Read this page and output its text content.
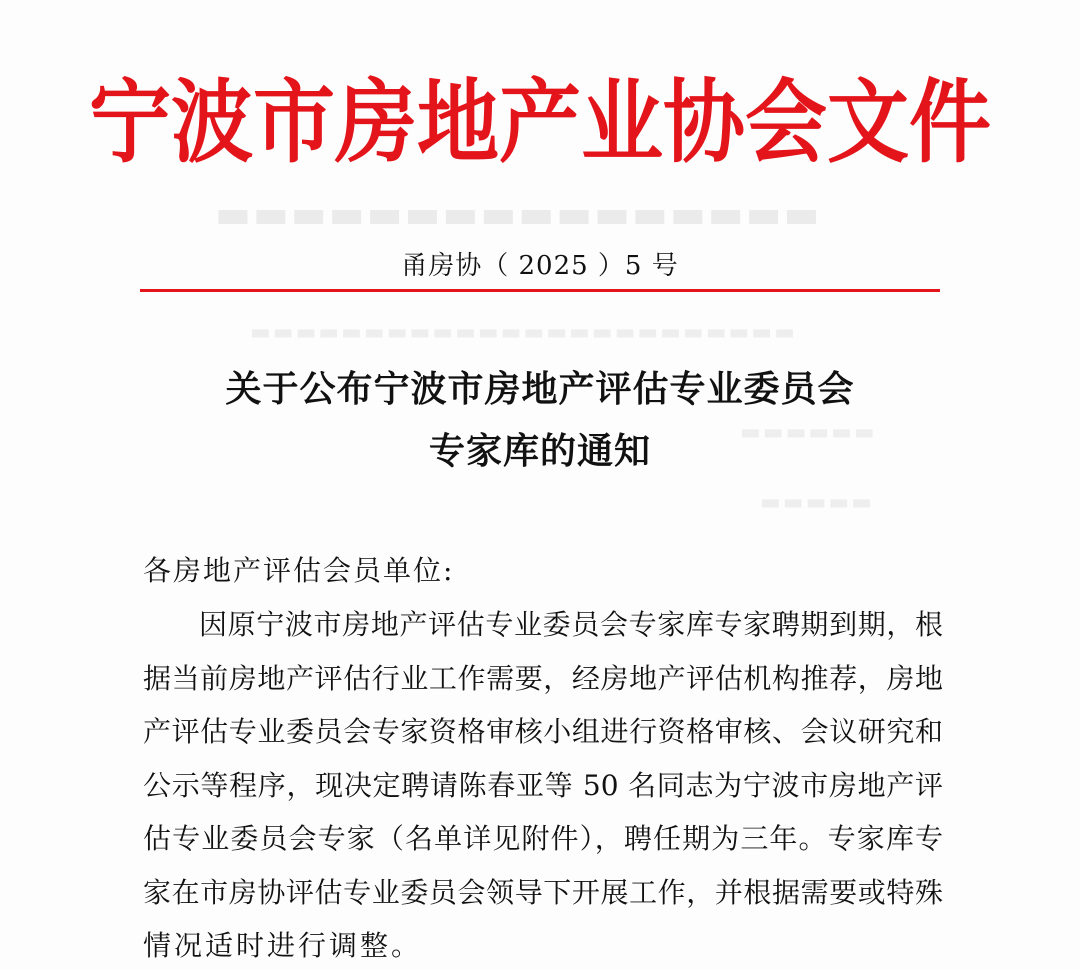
▬▬▬▬▬▬▬▬▬▬▬▬▬▬▬▬
▬▬▬▬▬▬▬▬▬▬▬▬▬▬▬▬▬▬▬▬▬▬▬▬
▬▬▬▬▬▬
▬▬▬▬▬
宁波市房地产业协会文件
甬房协（ 2025 ）5 号
关于公布宁波市房地产评估专业委员会
专家库的通知
各房地产评估会员单位:
因原宁波市房地产评估专业委员会专家库专家聘期到期，根
据当前房地产评估行业工作需要，经房地产评估机构推荐，房地
产评估专业委员会专家资格审核小组进行资格审核、会议研究和
公示等程序，现决定聘请陈春亚等 50 名同志为宁波市房地产评
估专业委员会专家（名单详见附件），聘任期为三年。专家库专
家在市房协评估专业委员会领导下开展工作，并根据需要或特殊
情况适时进行调整。
